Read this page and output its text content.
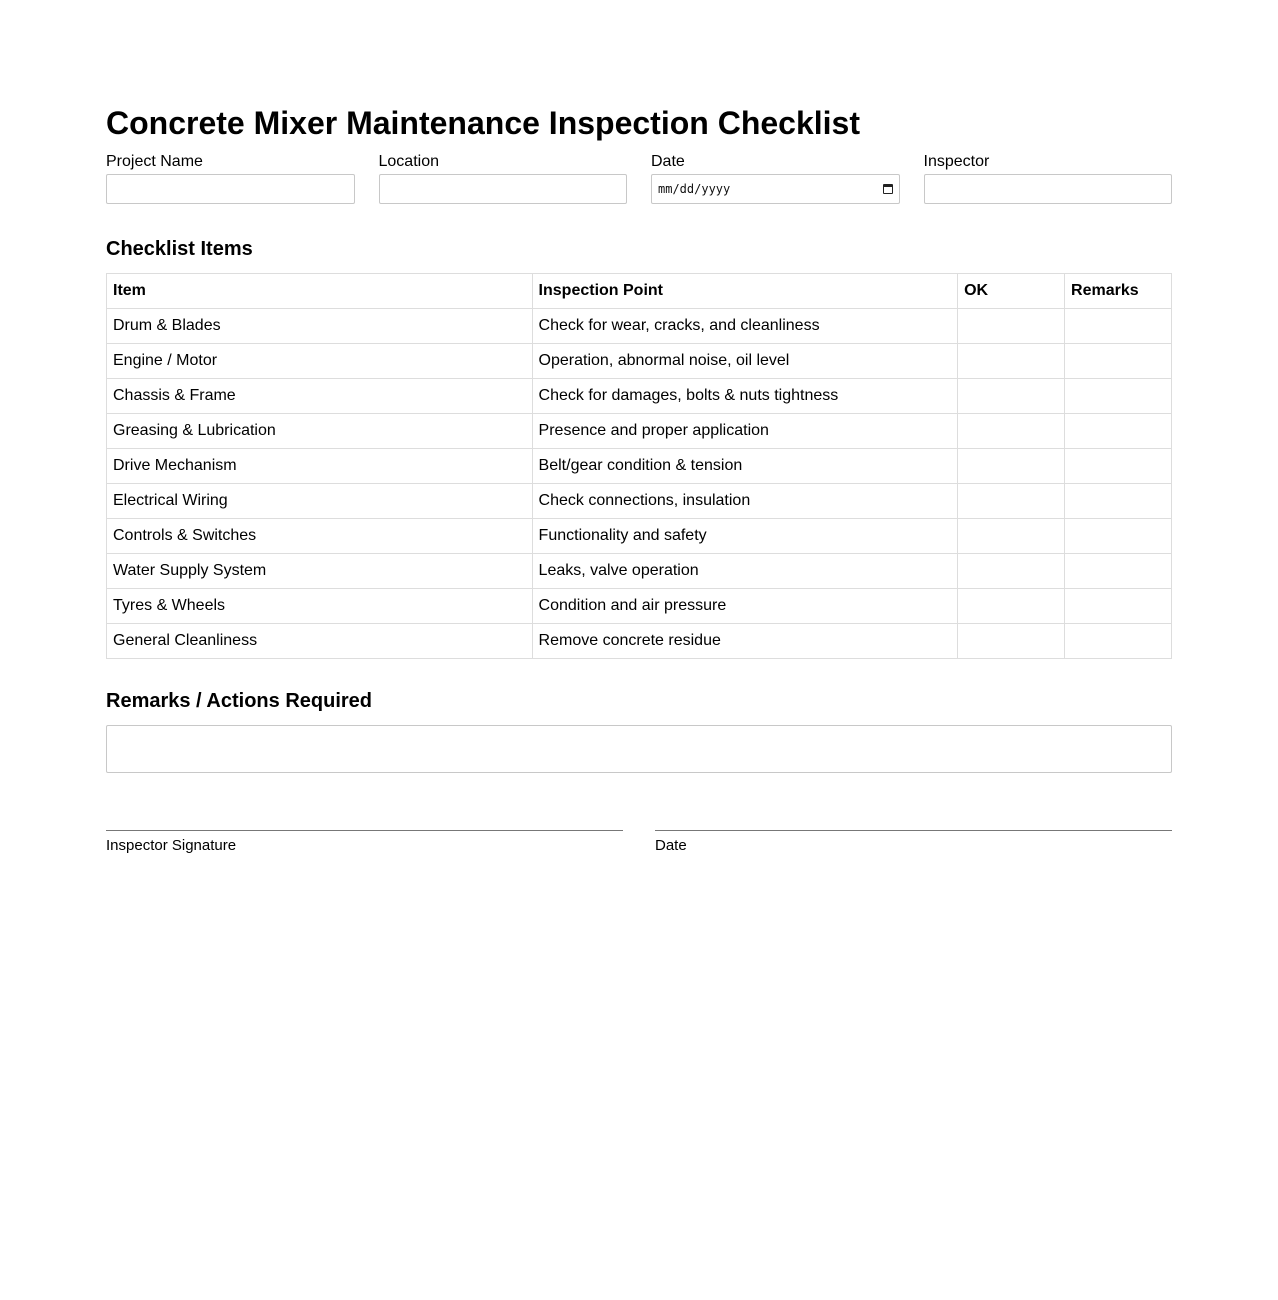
Concrete Mixer Maintenance Inspection Checklist
Project Name	Location	Date
mm/dd/yyyy
Inspector
Checklist Items
Item	Inspection Point	OK	Remarks
Drum & Blades	Check for wear, cracks, and cleanliness		
Engine / Motor	Operation, abnormal noise, oil level		
Chassis & Frame	Check for damages, bolts & nuts tightness		
Greasing & Lubrication	Presence and proper application		
Drive Mechanism	Belt/gear condition & tension		
Electrical Wiring	Check connections, insulation		
Controls & Switches	Functionality and safety		
Water Supply System	Leaks, valve operation		
Tyres & Wheels	Condition and air pressure		
General Cleanliness	Remove concrete residue		
Remarks / Actions Required
Inspector Signature	Date
